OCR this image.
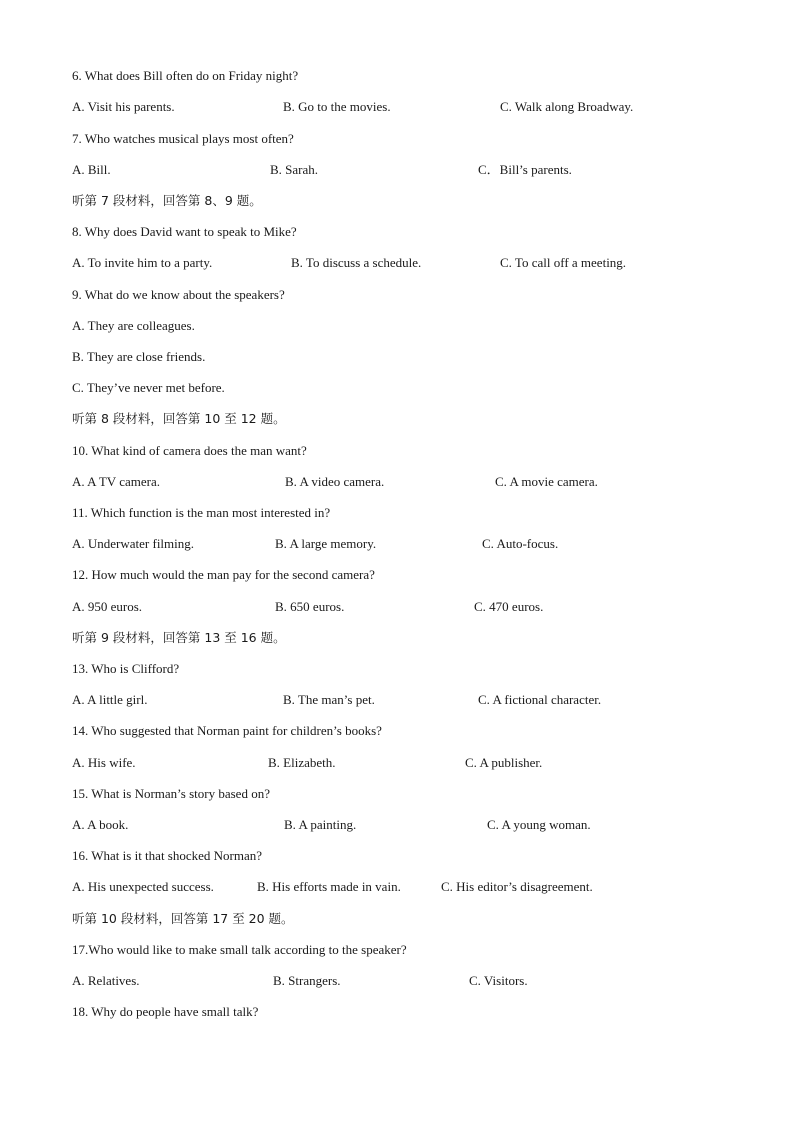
6. What does Bill often do on Friday night?
A. Visit his parents.	B. Go to the movies.	C. Walk along Broadway.
7. Who watches musical plays most often?
A. Bill.	B. Sarah.	C．Bill’s parents.
听第 7 段材料，回答第 8、9 题。
8. Why does David want to speak to Mike?
A. To invite him to a party.	B. To discuss a schedule.	C. To call off a meeting.
9. What do we know about the speakers?
A. They are colleagues.
B. They are close friends.
C. They’ve never met before.
听第 8 段材料，回答第 10 至 12 题。
10. What kind of camera does the man want?
A. A TV camera.	B. A video camera.	C. A movie camera.
11. Which function is the man most interested in?
A. Underwater filming.	B. A large memory.	C. Auto-focus.
12. How much would the man pay for the second camera?
A. 950 euros.	B. 650 euros.	C. 470 euros.
听第 9 段材料，回答第 13 至 16 题。
13. Who is Clifford?
A. A little girl.	B. The man’s pet.	C. A fictional character.
14. Who suggested that Norman paint for children’s books?
A. His wife.	B. Elizabeth.	C. A publisher.
15. What is Norman’s story based on?
A. A book.	B. A painting.	C. A young woman.
16. What is it that shocked Norman?
A. His unexpected success.	B. His efforts made in vain.	C. His editor’s disagreement.
听第 10 段材料，回答第 17 至 20 题。
17.Who would like to make small talk according to the speaker?
A. Relatives.	B. Strangers.	C. Visitors.
18. Why do people have small talk?
